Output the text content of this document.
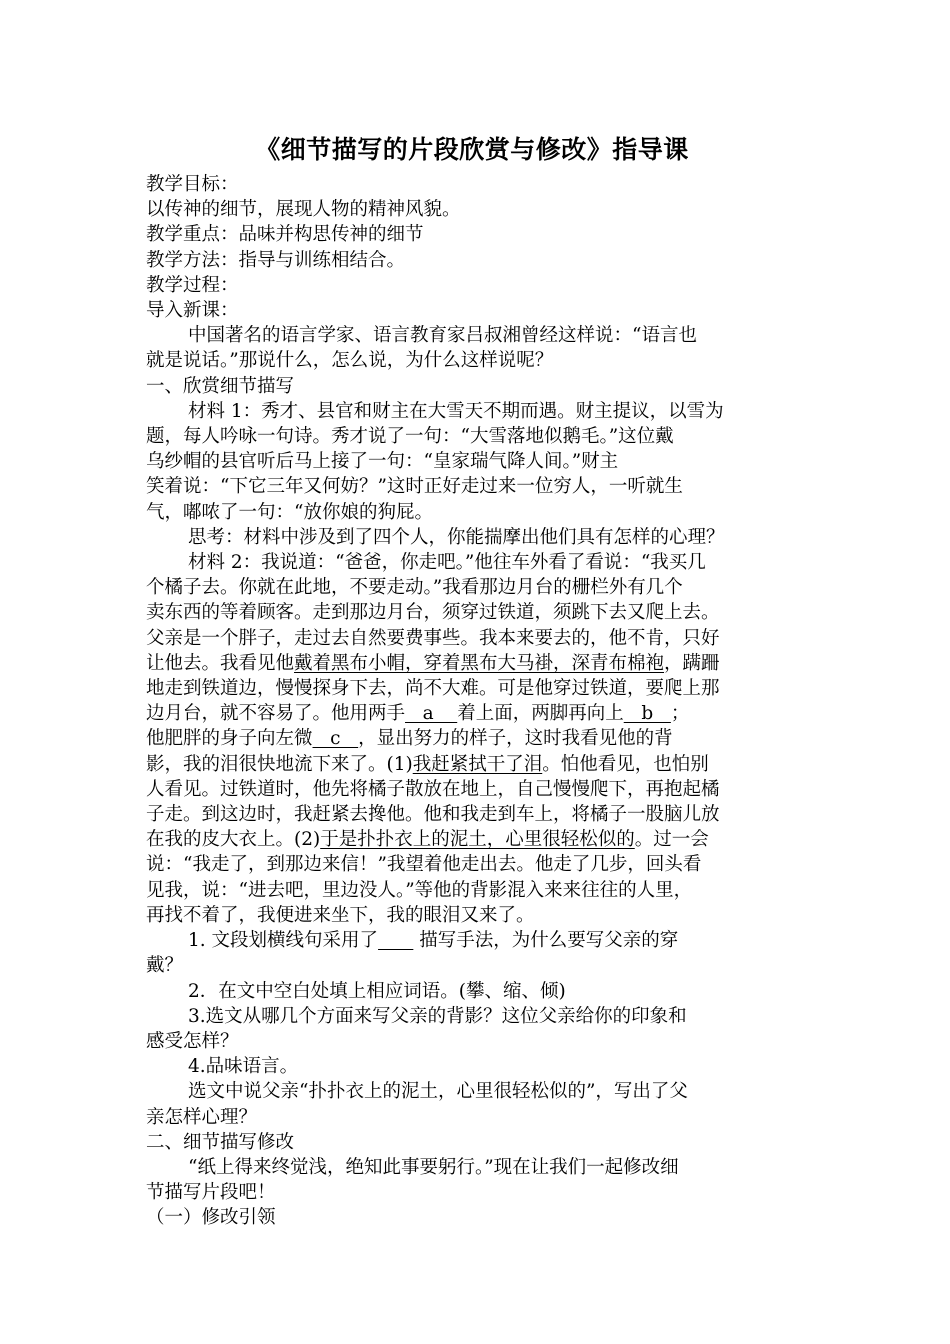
《细节描写的片段欣赏与修改》指导课
教学目标：
以传神的细节，展现人物的精神风貌。
教学重点：品味并构思传神的细节
教学方法：指导与训练相结合。
教学过程：
导入新课：
中国著名的语言学家、语言教育家吕叔湘曾经这样说：“语言也
就是说话。”那说什么，怎么说，为什么这样说呢？
一、欣赏细节描写
材料 1：秀才、县官和财主在大雪天不期而遇。财主提议，以雪为
题，每人吟咏一句诗。秀才说了一句：“大雪落地似鹅毛。”这位戴
乌纱帽的县官听后马上接了一句：“皇家瑞气降人间。”财主
笑着说：“下它三年又何妨？”这时正好走过来一位穷人，一听就生
气，嘟哝了一句：“放你娘的狗屁。
思考：材料中涉及到了四个人，你能揣摩出他们具有怎样的心理？
材料 2：我说道：“爸爸，你走吧。”他往车外看了看说：“我买几
个橘子去。你就在此地，不要走动。”我看那边月台的栅栏外有几个
卖东西的等着顾客。走到那边月台，须穿过铁道，须跳下去又爬上去。
父亲是一个胖子，走过去自然要费事些。我本来要去的，他不肯，只好
让他去。我看见他戴着黑布小帽，穿着黑布大马褂，深青布棉袍，蹒跚
地走到铁道边，慢慢探身下去，尚不大难。可是他穿过铁道，要爬上那
边月台，就不容易了。他用两手   a    着上面，两脚再向上   b   ；
他肥胖的身子向左微   c   ，显出努力的样子，这时我看见他的背
影，我的泪很快地流下来了。(1)我赶紧拭干了泪。怕他看见，也怕别
人看见。过铁道时，他先将橘子散放在地上，自己慢慢爬下，再抱起橘
子走。到这边时，我赶紧去搀他。他和我走到车上，将橘子一股脑儿放
在我的皮大衣上。(2)于是扑扑衣上的泥土，心里很轻松似的。过一会
说：“我走了，到那边来信！”我望着他走出去。他走了几步，回头看
见我，说：“进去吧，里边没人。”等他的背影混入来来往往的人里，
再找不着了，我便进来坐下，我的眼泪又来了。
1. 文段划横线句采用了 描写手法，为什么要写父亲的穿
戴？
2．在文中空白处填上相应词语。(攀、缩、倾)
3.选文从哪几个方面来写父亲的背影？这位父亲给你的印象和
感受怎样？
4.品味语言。
选文中说父亲“扑扑衣上的泥土，心里很轻松似的”，写出了父
亲怎样心理？
二、细节描写修改
“纸上得来终觉浅，绝知此事要躬行。”现在让我们一起修改细
节描写片段吧！
（一）修改引领
